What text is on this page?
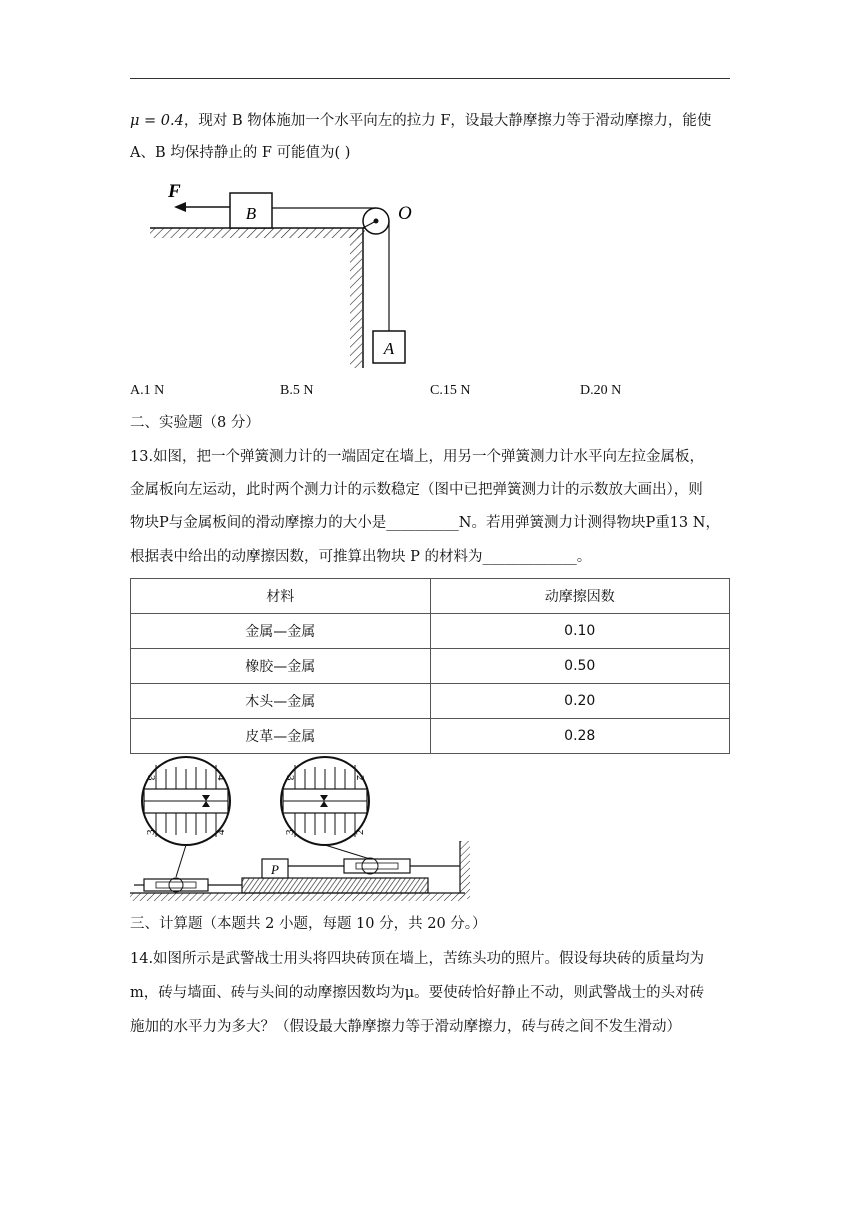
μ = 0.4，现对 B 物体施加一个水平向左的拉力 F，设最大静摩擦力等于滑动摩擦力，能使
A、B 均保持静止的 F 可能值为( )
B
F
O
A
A.1 N	B.5 N	C.15 N	D.20 N
二、实验题（8 分）
13.如图，把一个弹簧测力计的一端固定在墙上，用另一个弹簧测力计水平向左拉金属板，
金属板向左运动，此时两个测力计的示数稳定（图中已把弹簧测力计的示数放大画出），则
物块P与金属板间的滑动摩擦力的大小是__________N。若用弹簧测力计测得物块P重13 N，
根据表中给出的动摩擦因数，可推算出物块 P 的材料为_____________。
材料	动摩擦因数
金属—金属	0.10
橡胶—金属	0.50
木头—金属	0.20
皮革—金属	0.28
3	4
3	4
3	2
3	2
P
三、计算题（本题共 2 小题，每题 10 分，共 20 分。）
14.如图所示是武警战士用头将四块砖顶在墙上，苦练头功的照片。假设每块砖的质量均为
m，砖与墙面、砖与头间的动摩擦因数均为μ。要使砖恰好静止不动，则武警战士的头对砖
施加的水平力为多大？（假设最大静摩擦力等于滑动摩擦力，砖与砖之间不发生滑动）
